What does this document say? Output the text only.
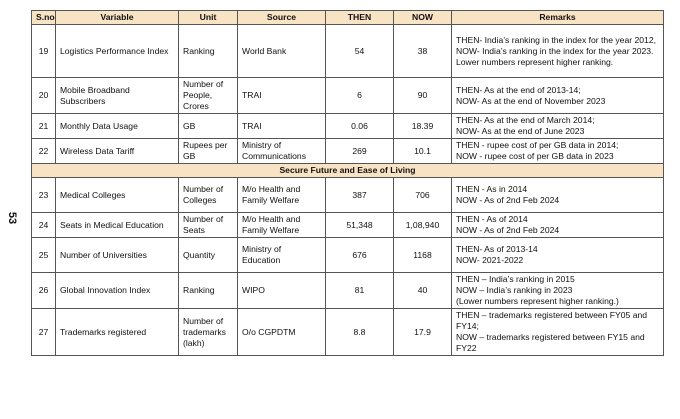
53
S.no	Variable	Unit	Source	THEN	NOW	Remarks
19	Logistics Performance Index	Ranking	World Bank	54	38	THEN- India’s ranking in the index for the year 2012, NOW- India’s ranking in the index for the year 2023. Lower numbers represent higher ranking.
20	Mobile Broadband Subscribers	Number of People, Crores	TRAI	6	90	THEN- As at the end of 2013-14;
NOW- As at the end of November 2023
21	Monthly Data Usage	GB	TRAI	0.06	18.39	THEN- As at the end of March 2014;
NOW- As at the end of June 2023
22	Wireless Data Tariff	Rupees per GB	Ministry of Communications	269	10.1	THEN - rupee cost of per GB data in 2014;
NOW - rupee cost of per GB data in 2023
Secure Future and Ease of Living						
23	Medical Colleges	Number of Colleges	M/o Health and Family Welfare	387	706	THEN - As in 2014
NOW - As of 2nd Feb 2024
24	Seats in Medical Education	Number of Seats	M/o Health and Family Welfare	51,348	1,08,940	THEN - As of 2014
NOW - As of 2nd Feb 2024
25	Number of Universities	Quantity	Ministry of Education	676	1168	THEN- As of 2013-14
NOW- 2021-2022
26	Global Innovation Index	Ranking	WIPO	81	40	THEN – India’s ranking in 2015
NOW – India’s ranking in 2023
(Lower numbers represent higher ranking.)
27	Trademarks registered	Number of trademarks (lakh)	O/o CGPDTM	8.8	17.9	THEN – trademarks registered between FY05 and FY14;
NOW – trademarks registered between FY15 and FY22
